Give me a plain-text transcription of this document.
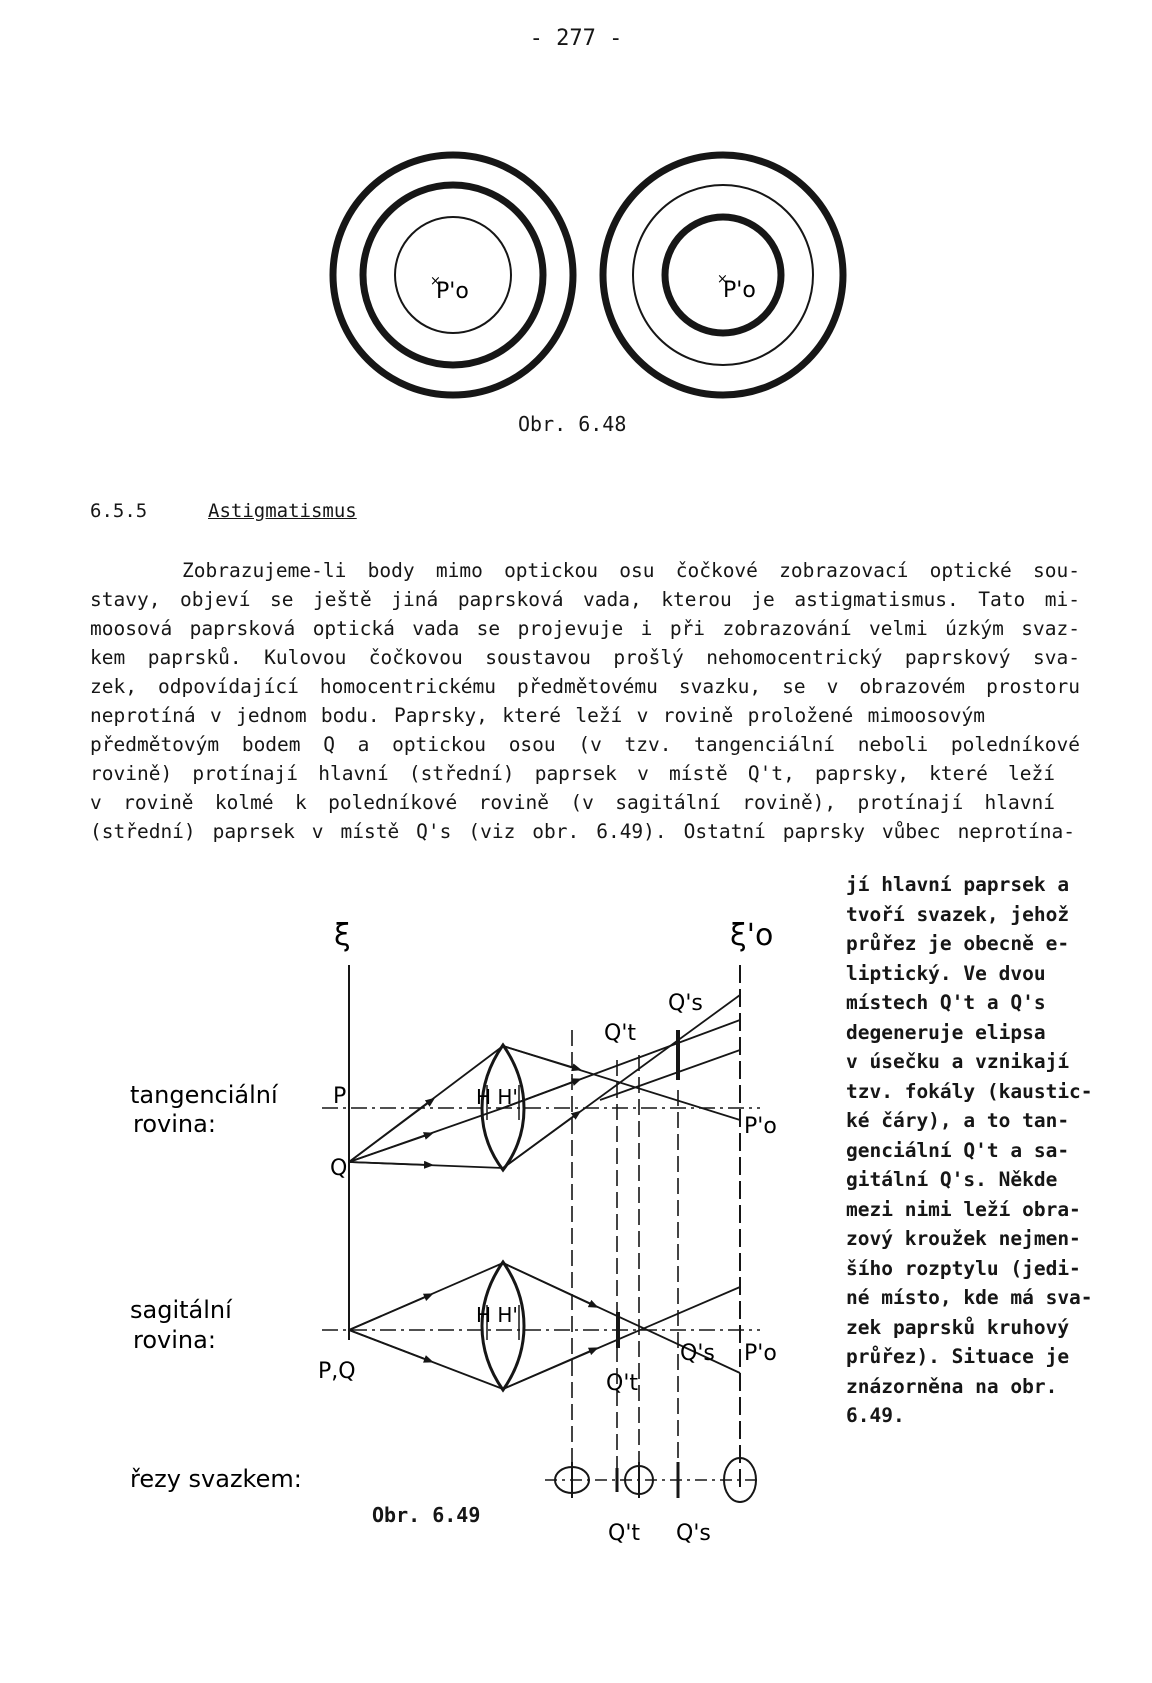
- 277 -
×
P'o	×
P'o
Obr. 6.48
6.5.5	Astigmatismus

Zobrazujeme-li body mimo optickou osu čočkové zobrazovací optické sou-
stavy, objeví se ještě jiná paprsková vada, kterou je astigmatismus. Tato mi-
moosová paprsková optická vada se projevuje i při zobrazování velmi úzkým svaz-
kem paprsků. Kulovou čočkovou soustavou prošlý nehomocentrický paprskový sva-
zek, odpovídající homocentrickému předmětovému svazku, se v obrazovém prostoru
neprotíná v jednom bodu. Paprsky, které leží v rovině proložené mimoosovým
předmětovým bodem Q a optickou osou (v tzv. tangenciální neboli poledníkové
rovině) protínají hlavní (střední) paprsek v místě Q't, paprsky, které leží
v rovině kolmé k poledníkové rovině (v sagitální rovině), protínají hlavní
(střední) paprsek v místě Q's (viz obr. 6.49). Ostatní paprsky vůbec neprotína-

jí hlavní paprsek a
tvoří svazek, jehož
průřez je obecně e-
liptický. Ve dvou
místech Q't a Q's
degeneruje elipsa
v úsečku a vznikají
tzv. fokály (kaustic-
ké čáry), a to tan-
genciální Q't a sa-
gitální Q's. Někde
mezi nimi leží obra-
zový kroužek nejmen-
šího rozptylu (jedi-
né místo, kde má sva-
zek paprsků kruhový
průřez). Situace je
znázorněna na obr.
6.49.

tangenciální
rovina:
sagitální
rovina:
řezy svazkem:
ξ	ξ'o
P
Q
H H'
Q's
Q't
P'o
P,Q
H H'
Q't
Q's P'o
Q't Q's
Obr. 6.49
